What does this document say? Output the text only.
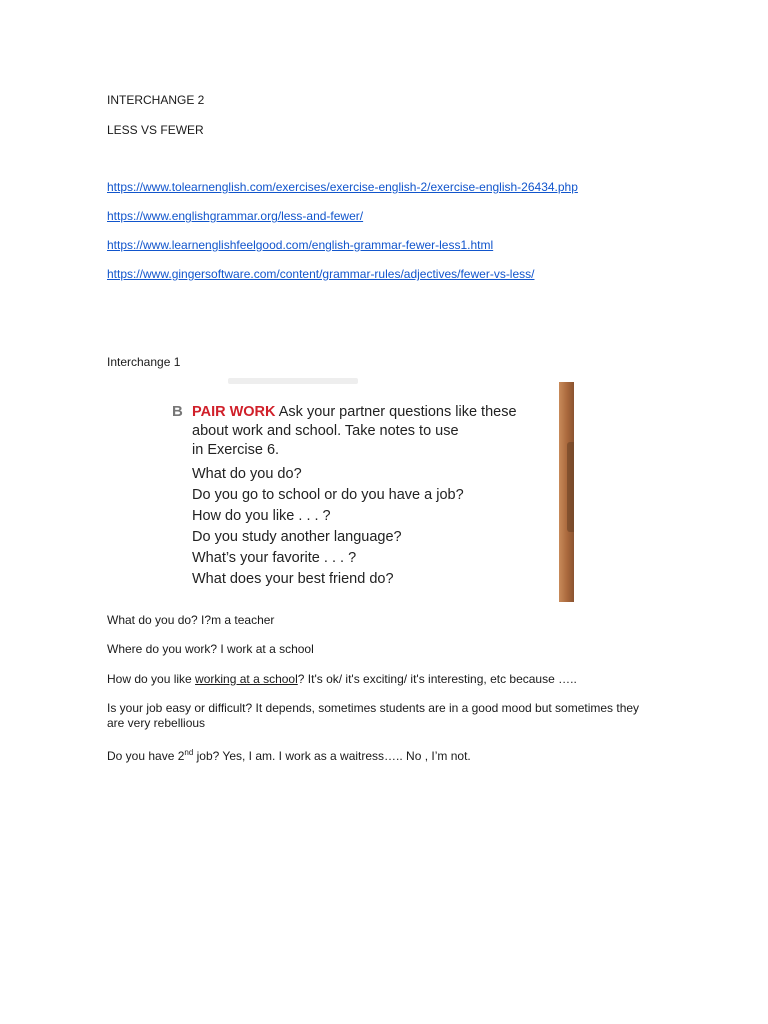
INTERCHANGE 2
LESS VS FEWER
https://www.tolearnenglish.com/exercises/exercise-english-2/exercise-english-26434.php
https://www.englishgrammar.org/less-and-fewer/
https://www.learnenglishfeelgood.com/english-grammar-fewer-less1.html
https://www.gingersoftware.com/content/grammar-rules/adjectives/fewer-vs-less/
Interchange 1
B PAIR WORK Ask your partner questions like these
about work and school. Take notes to use
in Exercise 6.
What do you do?
Do you go to school or do you have a job?
How do you like . . . ?
Do you study another language?
What’s your favorite . . . ?
What does your best friend do?
What do you do? I?m a teacher
Where do you work? I work at a school
How do you like working at a school? It's ok/ it's exciting/ it's interesting, etc because …..
Is your job easy or difficult? It depends, sometimes students are in a good mood but sometimes they are very rebellious
Do you have 2nd job? Yes, I am. I work as a waitress….. No , I’m not.
